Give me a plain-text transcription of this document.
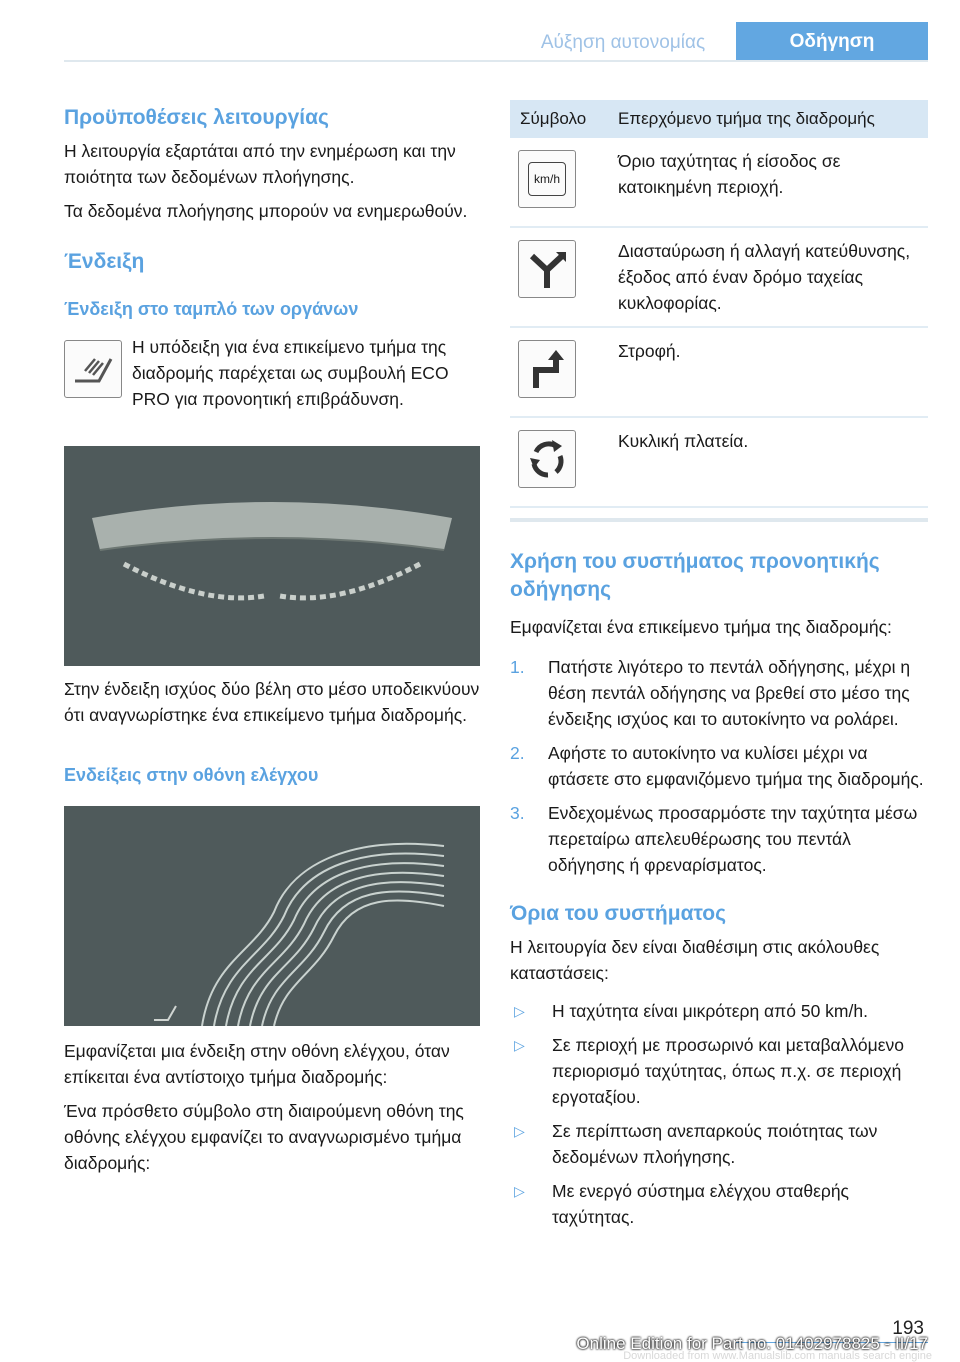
Αύξηση αυτονομίας	Οδήγηση
Προϋποθέσεις λειτουργίας

Η λειτουργία εξαρτάται από την ενημέρωση και την ποιότητα των δεδομένων πλοήγησης.

Τα δεδομένα πλοήγησης μπορούν να ενημερωθούν.

Ένδειξη
Ένδειξη στο ταμπλό των οργάνων

Η υπόδειξη για ένα επικείμενο τμήμα της διαδρομής παρέχεται ως συμβουλή ECO PRO για προνοητική επιβράδυνση.

Στην ένδειξη ισχύος δύο βέλη στο μέσο υποδεικνύουν ότι αναγνωρίστηκε ένα επικείμενο τμήμα διαδρομής.

Ενδείξεις στην οθόνη ελέγχου

Εμφανίζεται μια ένδειξη στην οθόνη ελέγχου, όταν επίκειται ένα αντίστοιχο τμήμα διαδρομής:

Ένα πρόσθετο σύμβολο στη διαιρούμενη οθόνη της οθόνης ελέγχου εμφανίζει το αναγνωρισμένο τμήμα διαδρομής:

Σύμβολο	Επερχόμενο τμήμα της διαδρομής

km/h	Όριο ταχύτητας ή είσοδος σε κατοικημένη περιοχή.

	Διασταύρωση ή αλλαγή κατεύθυνσης, έξοδος από έναν δρόμο ταχείας κυκλοφορίας.

	Στροφή.

	Κυκλική πλατεία.
Χρήση του συστήματος προνοητικής οδήγησης

Εμφανίζεται ένα επικείμενο τμήμα της διαδρομής:

1.	Πατήστε λιγότερο το πεντάλ οδήγησης, μέχρι η θέση πεντάλ οδήγησης να βρεθεί στο μέσο της ένδειξης ισχύος και το αυτοκίνητο να ρολάρει.
2.	Αφήστε το αυτοκίνητο να κυλίσει μέχρι να φτάσετε στο εμφανιζόμενο τμήμα της διαδρομής.
3.	Ενδεχομένως προσαρμόστε την ταχύτητα μέσω περεταίρω απελευθέρωσης του πεντάλ οδήγησης ή φρεναρίσματος.
Όρια του συστήματος

Η λειτουργία δεν είναι διαθέσιμη στις ακόλουθες καταστάσεις:

▷	Η ταχύτητα είναι μικρότερη από 50 km/h.
▷	Σε περιοχή με προσωρινό και μεταβαλλόμενο περιορισμό ταχύτητας, όπως π.χ. σε περιοχή εργοταξίου.
▷	Σε περίπτωση ανεπαρκούς ποιότητας των δεδομένων πλοήγησης.
▷	Με ενεργό σύστημα ελέγχου σταθερής ταχύτητας.
193
Online Edition for Part no. 01402978825 - II/17
Downloaded from www.Manualslib.com manuals search engine
